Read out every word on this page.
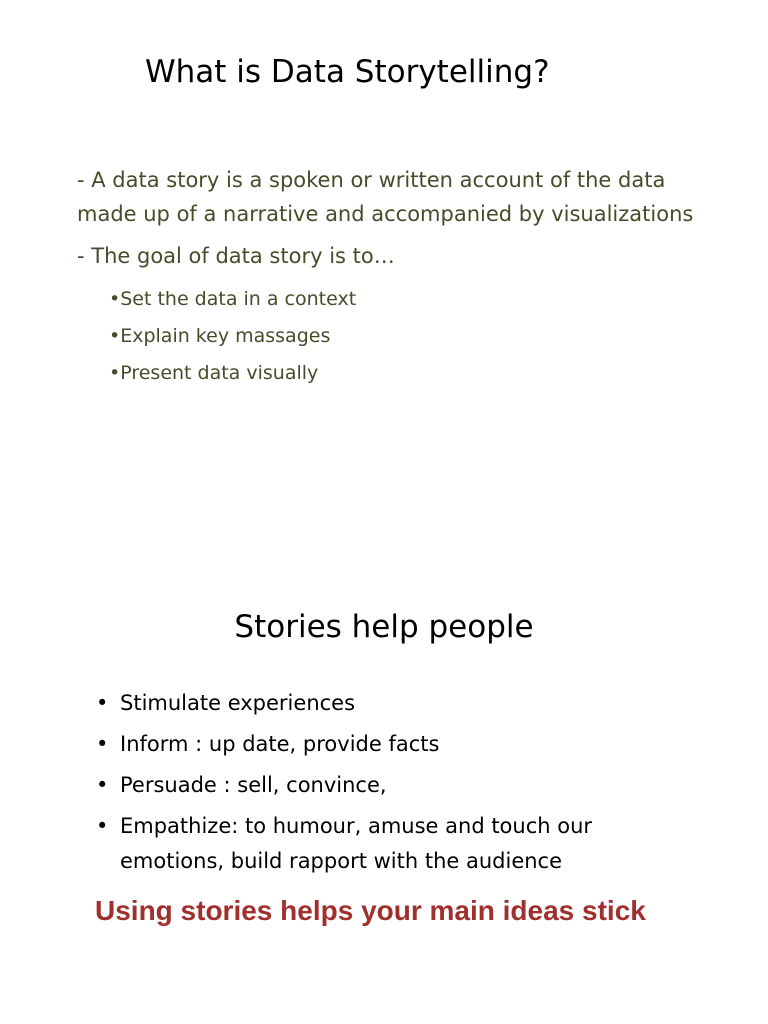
What is Data Storytelling?

- A data story is a spoken or written account of the data made up of a narrative and accompanied by visualizations

- The goal of data story is to…

•Set the data in a context
•Explain key massages
•Present data visually
Stories help people
• Stimulate experiences
• Inform : up date, provide facts
• Persuade : sell, convince,
• Empathize: to humour, amuse and touch our emotions, build rapport with the audience
Using stories helps your main ideas stick
